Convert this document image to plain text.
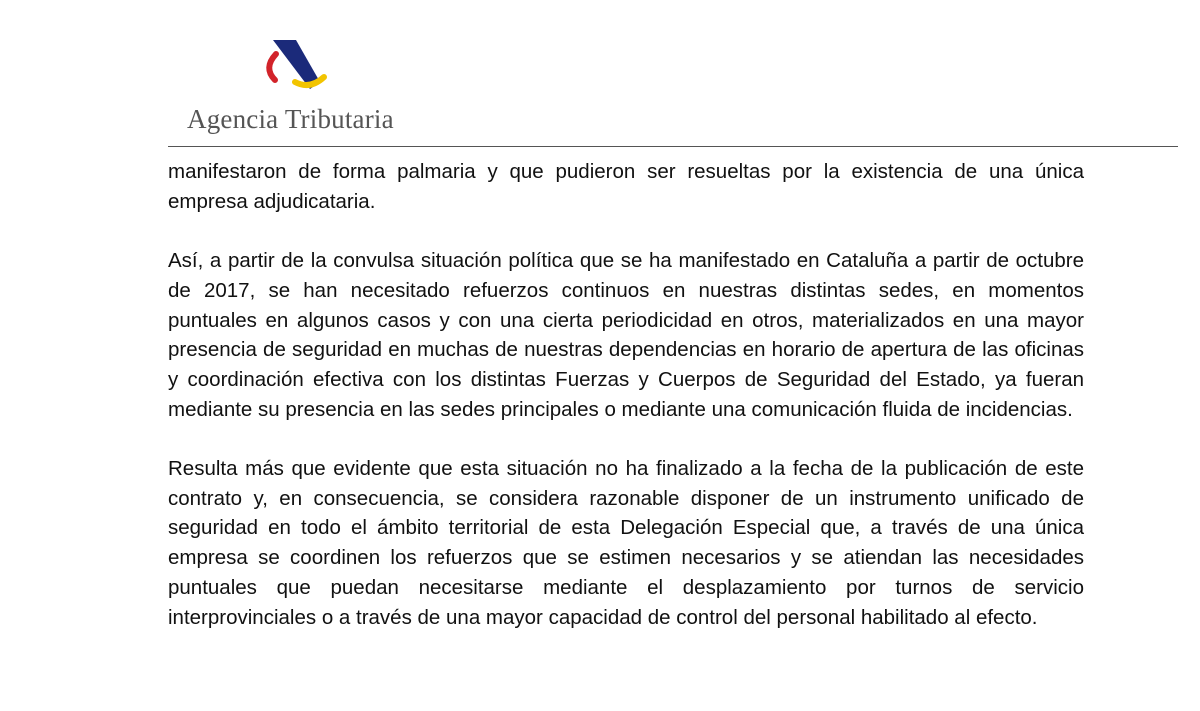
Agencia Tributaria

manifestaron de forma palmaria y que pudieron ser resueltas por la existencia de una única empresa adjudicataria.

Así, a partir de la convulsa situación política que se ha manifestado en Cataluña a partir de octubre de 2017, se han necesitado refuerzos continuos en nuestras distintas sedes, en momentos puntuales en algunos casos y con una cierta periodicidad en otros, materializados en una mayor presencia de seguridad en muchas de nuestras dependencias en horario de apertura de las oficinas y coordinación efectiva con los distintas Fuerzas y Cuerpos de Seguridad del Estado, ya fueran mediante su presencia en las sedes principales o mediante una comunicación fluida de incidencias.

Resulta más que evidente que esta situación no ha finalizado a la fecha de la publicación de este contrato y, en consecuencia, se considera razonable disponer de un instrumento unificado de seguridad en todo el ámbito territorial de esta Delegación Especial que, a través de una única empresa se coordinen los refuerzos que se estimen necesarios y se atiendan las necesidades puntuales que puedan necesitarse mediante el desplazamiento por turnos de servicio interprovinciales o a través de una mayor capacidad de control del personal habilitado al efecto.
